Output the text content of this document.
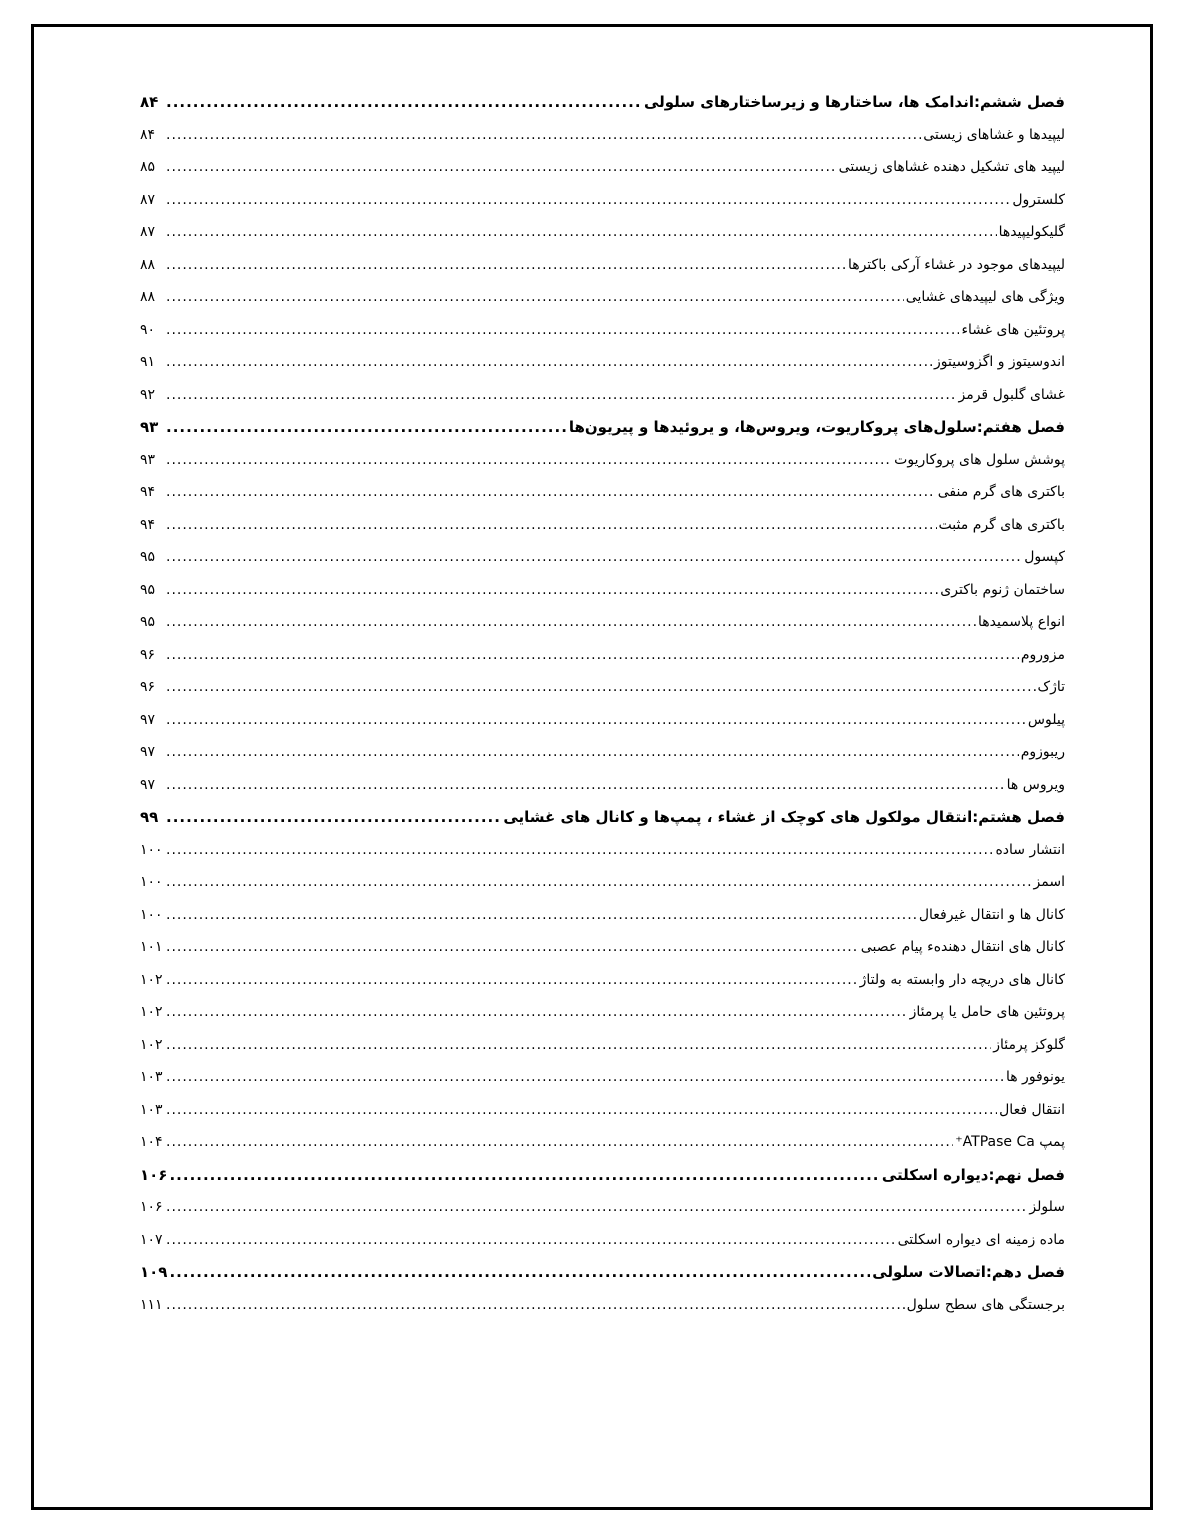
فصل ششم:اندامک ها، ساختارها و زیرساختارهای سلولی
.....
۸۴
لیپیدها و غشاهای زیستی
.....
۸۴
لیپید های تشکیل دهنده غشاهای زیستی
.....
۸۵
کلسترول
.....
۸۷
گلیکولیپیدها
.....
۸۷
لیپیدهای موجود در غشاء آرکی باکترها
.....
۸۸
ویژگی های لیپیدهای غشایی
.....
۸۸
پروتئین های غشاء
.....
۹۰
اندوسیتوز و اگزوسیتوز
.....
۹۱
غشای گلبول قرمز
.....
۹۲
فصل هفتم:سلول‌های پروکاریوت، ویروس‌ها، و یروئیدها و پیریون‌ها
.....
۹۳
پوشش سلول های پروکاریوت
.....
۹۳
باکتری های گرم منفی
.....
۹۴
باکتری های گرم مثبت
.....
۹۴
کپسول
.....
۹۵
ساختمان ژنوم باکتری
.....
۹۵
انواع پلاسمیدها
.....
۹۵
مزوروم
.....
۹۶
تاژک
.....
۹۶
پیلوس
.....
۹۷
ریبوزوم
.....
۹۷
ویروس ها
.....
۹۷
فصل هشتم:انتقال مولکول های کوچک از غشاء ، پمپ‌ها و کانال های غشایی
.....
۹۹
انتشار ساده
.....
۱۰۰
اسمز
.....
۱۰۰
کانال ها و انتقال غیرفعال
.....
۱۰۰
کانال های انتقال دهندهء پیام عصبی
.....
۱۰۱
کانال های دریچه دار وابسته به ولتاژ
.....
۱۰۲
پروتئین های حامل یا پرمئاز
.....
۱۰۲
گلوکز پرمئاز
.....
۱۰۲
یونوفور ها
.....
۱۰۳
انتقال فعال
.....
۱۰۳
پمپ ATPase Ca⁺
.....
۱۰۴
فصل نهم:دیواره اسکلتی
.....
۱۰۶
سلولز
.....
۱۰۶
ماده زمینه ای دیواره اسکلتی
.....
۱۰۷
فصل دهم:اتصالات سلولی
.....
۱۰۹
برجستگی های سطح سلول
.....
۱۱۱
